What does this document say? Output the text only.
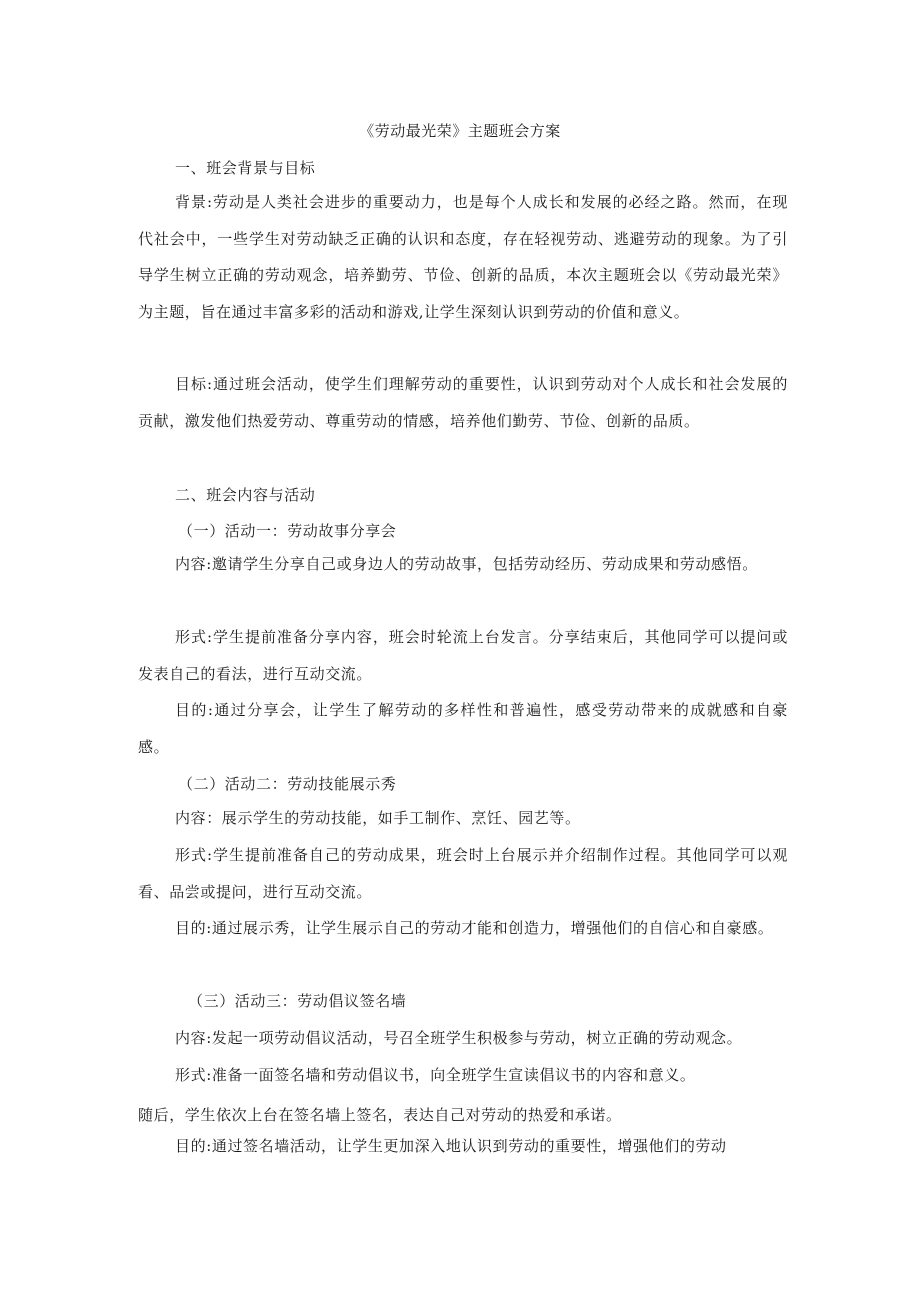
《劳动最光荣》主题班会方案
一、班会背景与目标
背景:劳动是人类社会进步的重要动力，也是每个人成长和发展的必经之路。然而，在现代社会中，一些学生对劳动缺乏正确的认识和态度，存在轻视劳动、逃避劳动的现象。为了引导学生树立正确的劳动观念，培养勤劳、节俭、创新的品质，本次主题班会以《劳动最光荣》为主题，旨在通过丰富多彩的活动和游戏,让学生深刻认识到劳动的价值和意义。
目标:通过班会活动，使学生们理解劳动的重要性，认识到劳动对个人成长和社会发展的贡献，激发他们热爱劳动、尊重劳动的情感，培养他们勤劳、节俭、创新的品质。
二、班会内容与活动
（一）活动一：劳动故事分享会
内容:邀请学生分享自己或身边人的劳动故事，包括劳动经历、劳动成果和劳动感悟。
形式:学生提前准备分享内容，班会时轮流上台发言。分享结束后，其他同学可以提问或发表自己的看法，进行互动交流。
目的:通过分享会，让学生了解劳动的多样性和普遍性，感受劳动带来的成就感和自豪感。
（二）活动二：劳动技能展示秀
内容：展示学生的劳动技能，如手工制作、烹饪、园艺等。
形式:学生提前准备自己的劳动成果，班会时上台展示并介绍制作过程。其他同学可以观看、品尝或提问，进行互动交流。
目的:通过展示秀，让学生展示自己的劳动才能和创造力，增强他们的自信心和自豪感。
（三）活动三：劳动倡议签名墙
内容:发起一项劳动倡议活动，号召全班学生积极参与劳动，树立正确的劳动观念。
形式:准备一面签名墙和劳动倡议书，向全班学生宣读倡议书的内容和意义。
随后，学生依次上台在签名墙上签名，表达自己对劳动的热爱和承诺。
目的:通过签名墙活动，让学生更加深入地认识到劳动的重要性，增强他们的劳动
